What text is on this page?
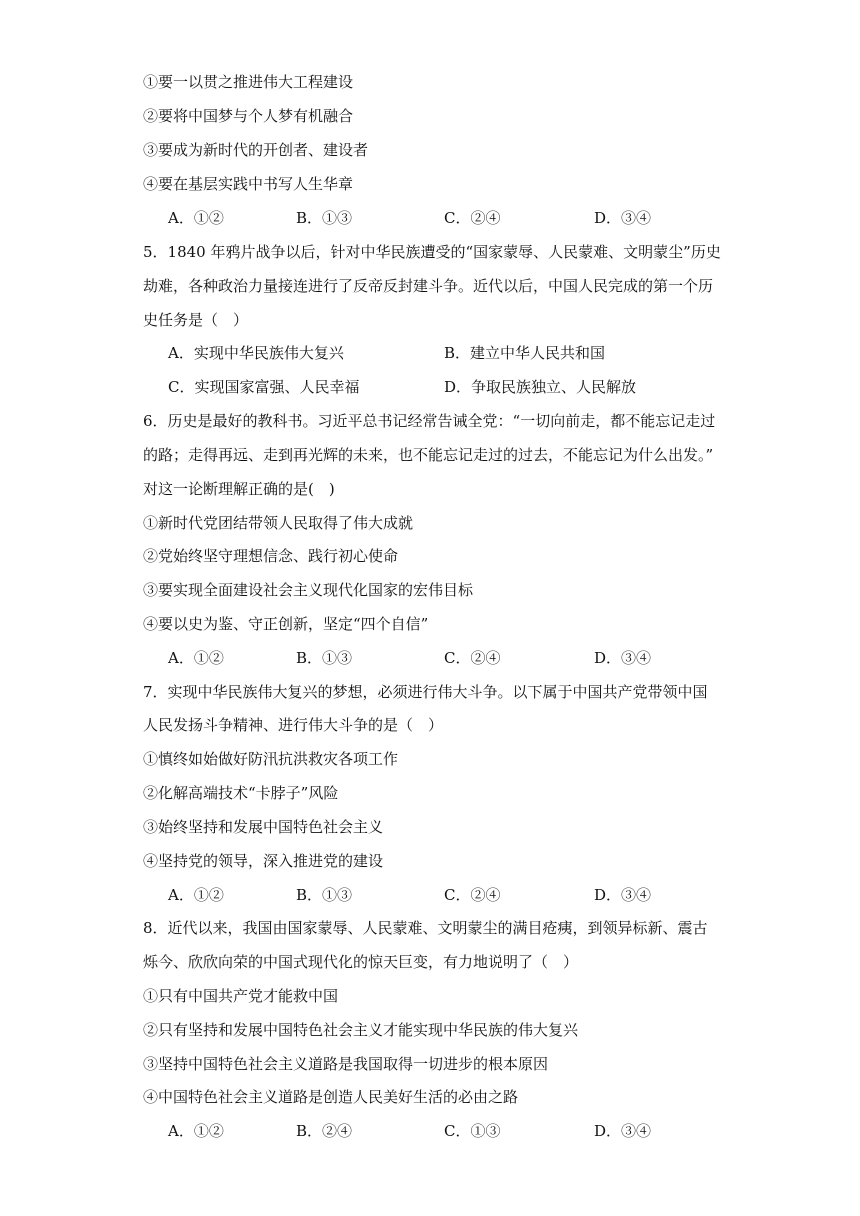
①要一以贯之推进伟大工程建设
②要将中国梦与个人梦有机融合
③要成为新时代的开创者、建设者
④要在基层实践中书写人生华章
A．①②	B．①③	C．②④	D．③④
5．1840 年鸦片战争以后，针对中华民族遭受的“国家蒙辱、人民蒙难、文明蒙尘”历史
劫难，各种政治力量接连进行了反帝反封建斗争。近代以后，中国人民完成的第一个历
史任务是（　）
A．实现中华民族伟大复兴	B．建立中华人民共和国
C．实现国家富强、人民幸福	D．争取民族独立、人民解放
6．历史是最好的教科书。习近平总书记经常告诫全党：“一切向前走，都不能忘记走过
的路；走得再远、走到再光辉的未来，也不能忘记走过的过去，不能忘记为什么出发。”
对这一论断理解正确的是(　)
①新时代党团结带领人民取得了伟大成就
②党始终坚守理想信念、践行初心使命
③要实现全面建设社会主义现代化国家的宏伟目标
④要以史为鉴、守正创新，坚定“四个自信”
A．①②	B．①③	C．②④	D．③④
7．实现中华民族伟大复兴的梦想，必须进行伟大斗争。以下属于中国共产党带领中国
人民发扬斗争精神、进行伟大斗争的是（　）
①慎终如始做好防汛抗洪救灾各项工作
②化解高端技术“卡脖子”风险
③始终坚持和发展中国特色社会主义
④坚持党的领导，深入推进党的建设
A．①②	B．①③	C．②④	D．③④
8．近代以来，我国由国家蒙辱、人民蒙难、文明蒙尘的满目疮痍，到领异标新、震古
烁今、欣欣向荣的中国式现代化的惊天巨变，有力地说明了（　）
①只有中国共产党才能救中国
②只有坚持和发展中国特色社会主义才能实现中华民族的伟大复兴
③坚持中国特色社会主义道路是我国取得一切进步的根本原因
④中国特色社会主义道路是创造人民美好生活的必由之路
A．①②	B．②④	C．①③	D．③④
